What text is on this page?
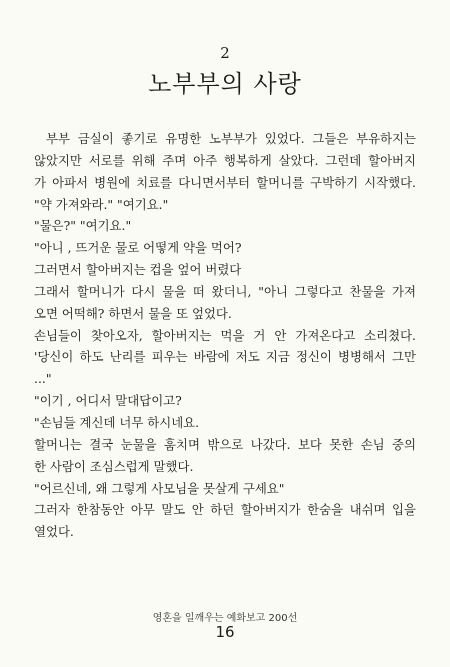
2
노부부의 사랑
부부 금실이 좋기로 유명한 노부부가 있었다. 그들은 부유하지는
않았지만 서로를 위해 주며 아주 행복하게 살았다. 그런데 할아버지
가 아파서 병원에 치료를 다니면서부터 할머니를 구박하기 시작했다.
"약 가져와라." "여기요."
"물은?" "여기요."
"아니 , 뜨거운 물로 어떻게 약을 먹어?
그러면서 할아버지는 컵을 엎어 버렸다
그래서 할머니가 다시 물을 떠 왔더니, "아니 그렇다고 찬물을 가져
오면 어떡해? 하면서 물을 또 엎었다.
손님들이 찾아오자, 할아버지는 먹을 거 안 가져온다고 소리쳤다.
'당신이 하도 난리를 피우는 바람에 저도 지금 정신이 병병해서 그만
..."
"이기 , 어디서 말대답이고?
"손님들 계신데 너무 하시네요.
할머니는 결국 눈물을 훔치며 밖으로 나갔다. 보다 못한 손님 중의
한 사람이 조심스럽게 말했다.
"어르신네, 왜 그렇게 사모님을 못살게 구세요"
그러자 한참동안 아무 말도 안 하던 할아버지가 한숨을 내쉬며 입을
열었다.
영혼을 일깨우는 예화보고 200선
16
